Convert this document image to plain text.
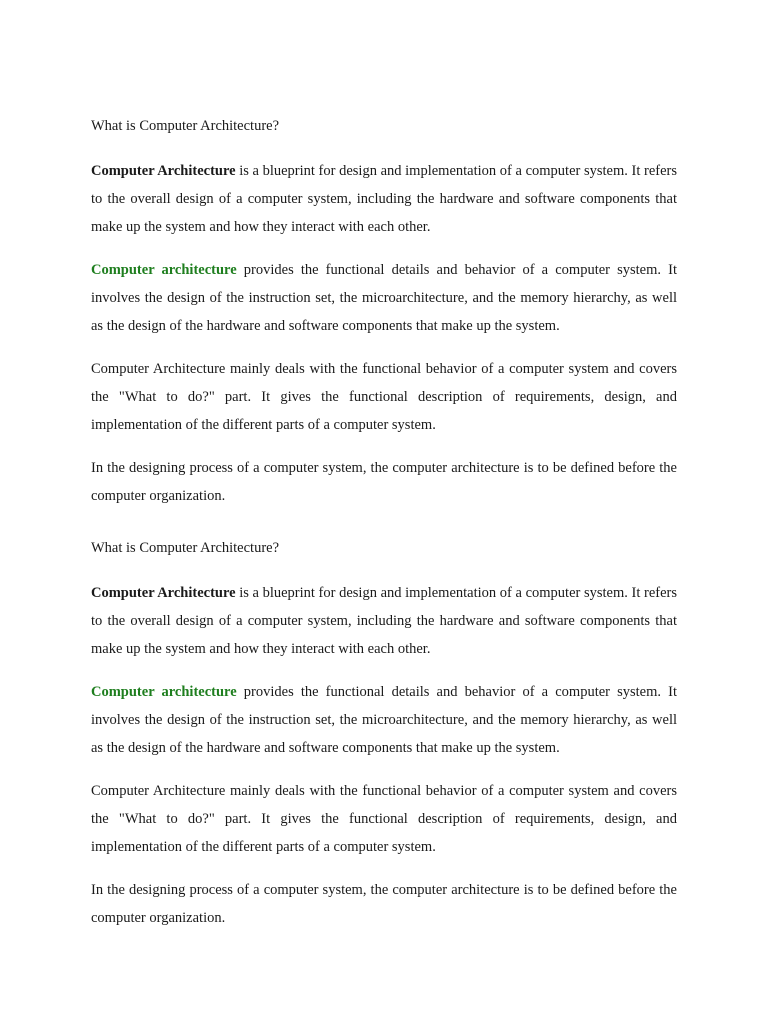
What is Computer Architecture?

Computer Architecture is a blueprint for design and implementation of a computer system. It refers to the overall design of a computer system, including the hardware and software components that make up the system and how they interact with each other.

Computer architecture provides the functional details and behavior of a computer system. It involves the design of the instruction set, the microarchitecture, and the memory hierarchy, as well as the design of the hardware and software components that make up the system.

Computer Architecture mainly deals with the functional behavior of a computer system and covers the "What to do?" part. It gives the functional description of requirements, design, and implementation of the different parts of a computer system.

In the designing process of a computer system, the computer architecture is to be defined before the computer organization.

What is Computer Architecture?

Computer Architecture is a blueprint for design and implementation of a computer system. It refers to the overall design of a computer system, including the hardware and software components that make up the system and how they interact with each other.

Computer architecture provides the functional details and behavior of a computer system. It involves the design of the instruction set, the microarchitecture, and the memory hierarchy, as well as the design of the hardware and software components that make up the system.

Computer Architecture mainly deals with the functional behavior of a computer system and covers the "What to do?" part. It gives the functional description of requirements, design, and implementation of the different parts of a computer system.

In the designing process of a computer system, the computer architecture is to be defined before the computer organization.
